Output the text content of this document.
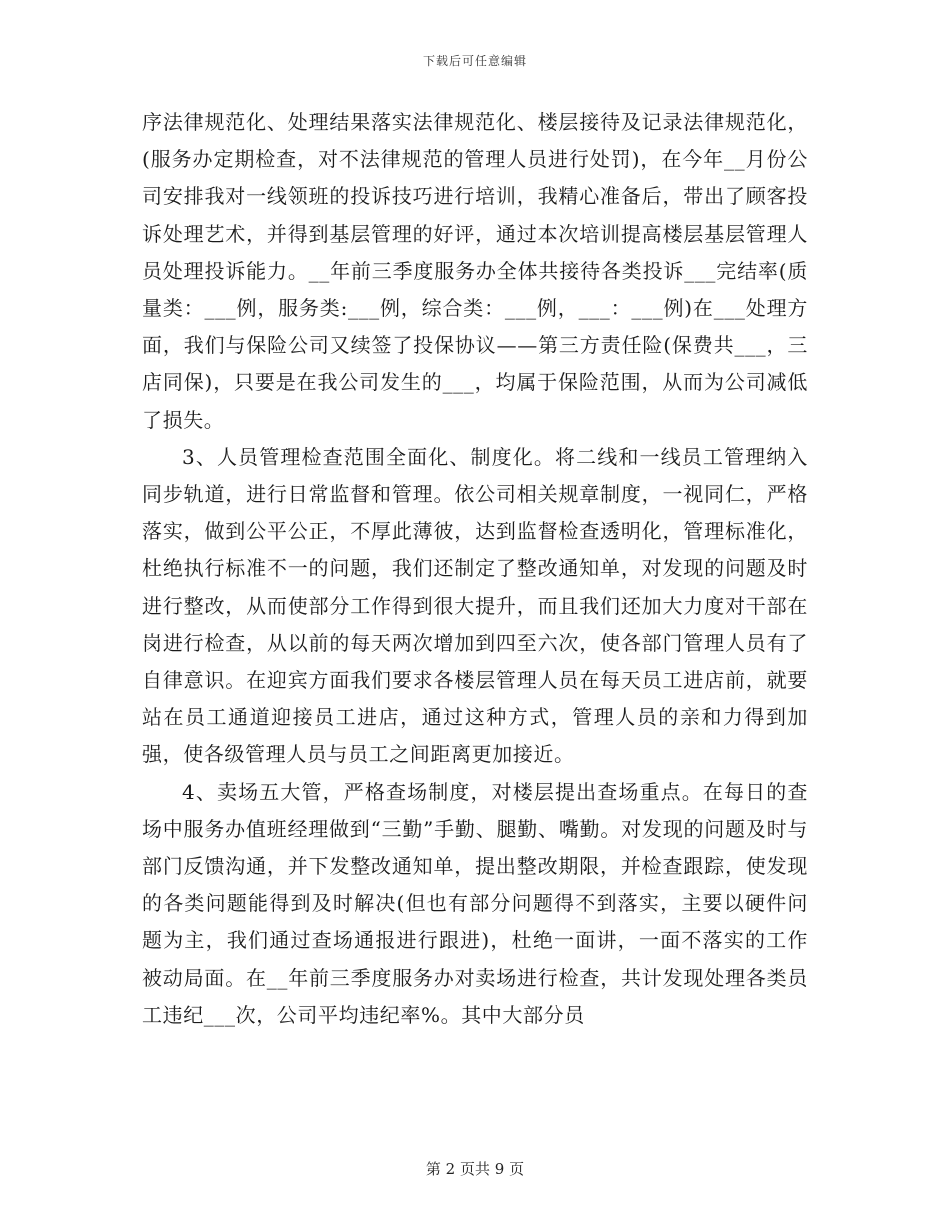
下载后可任意编辑

序法律规范化、处理结果落实法律规范化、楼层接待及记录法律规范化，(服务办定期检查，对不法律规范的管理人员进行处罚)，在今年__月份公司安排我对一线领班的投诉技巧进行培训，我精心准备后，带出了顾客投诉处理艺术，并得到基层管理的好评，通过本次培训提高楼层基层管理人员处理投诉能力。__年前三季度服务办全体共接待各类投诉___完结率(质量类：___例，服务类:___例，综合类：___例，___：___例)在___处理方面，我们与保险公司又续签了投保协议——第三方责任险(保费共___，三店同保)，只要是在我公司发生的___，均属于保险范围，从而为公司减低了损失。

3、人员管理检查范围全面化、制度化。将二线和一线员工管理纳入同步轨道，进行日常监督和管理。依公司相关规章制度，一视同仁，严格落实，做到公平公正，不厚此薄彼，达到监督检查透明化，管理标准化，杜绝执行标准不一的问题，我们还制定了整改通知单，对发现的问题及时进行整改，从而使部分工作得到很大提升，而且我们还加大力度对干部在岗进行检查，从以前的每天两次增加到四至六次，使各部门管理人员有了自律意识。在迎宾方面我们要求各楼层管理人员在每天员工进店前，就要站在员工通道迎接员工进店，通过这种方式，管理人员的亲和力得到加强，使各级管理人员与员工之间距离更加接近。

4、卖场五大管，严格查场制度，对楼层提出查场重点。在每日的查场中服务办值班经理做到“三勤”手勤、腿勤、嘴勤。对发现的问题及时与部门反馈沟通，并下发整改通知单，提出整改期限，并检查跟踪，使发现的各类问题能得到及时解决(但也有部分问题得不到落实，主要以硬件问题为主，我们通过查场通报进行跟进)，杜绝一面讲，一面不落实的工作被动局面。在__年前三季度服务办对卖场进行检查，共计发现处理各类员工违纪___次，公司平均违纪率%。其中大部分员

第 2 页共 9 页
